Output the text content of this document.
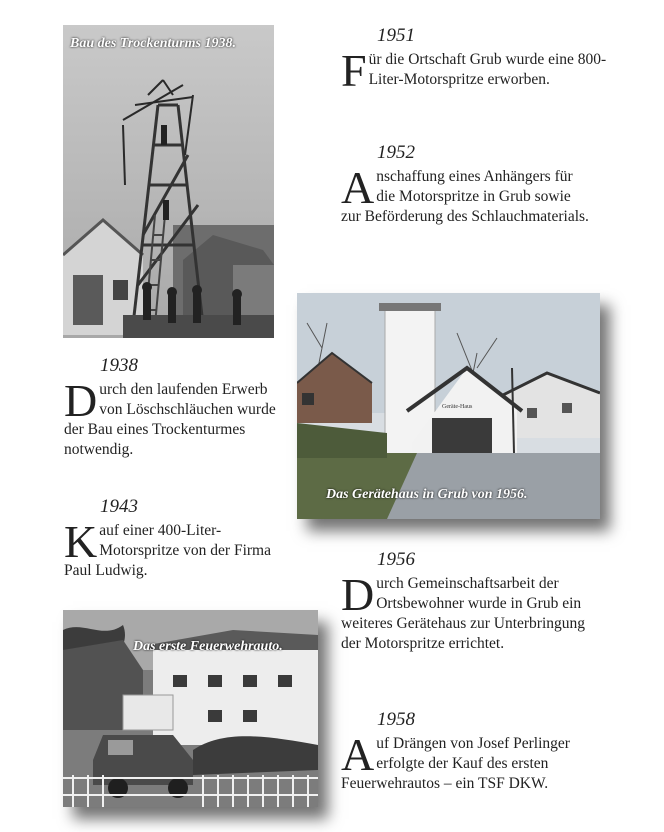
Bau des Trockenturms 1938.
Geräte-Haus
Das Gerätehaus in Grub von 1956.
Das erste Feuerwehrauto.
1951

Für die Ortschaft Grub wurde eine 800-Liter-Motorspritze erworben.

1952

Anschaffung eines Anhängers für die Motorspritze in Grub sowie zur Beförderung des Schlauchmaterials.

1938

Durch den laufenden Erwerb von Löschschläuchen wurde der Bau eines Trockenturmes notwendig.

1943

Kauf einer 400-Liter-Motorspritze von der Firma Paul Ludwig.

1956

Durch Gemeinschaftsarbeit der Ortsbewohner wurde in Grub ein weiteres Gerätehaus zur Unterbringung der Motorspritze errichtet.

1958

Auf Drängen von Josef Perlinger erfolgte der Kauf des ersten Feuerwehrautos – ein TSF DKW.
